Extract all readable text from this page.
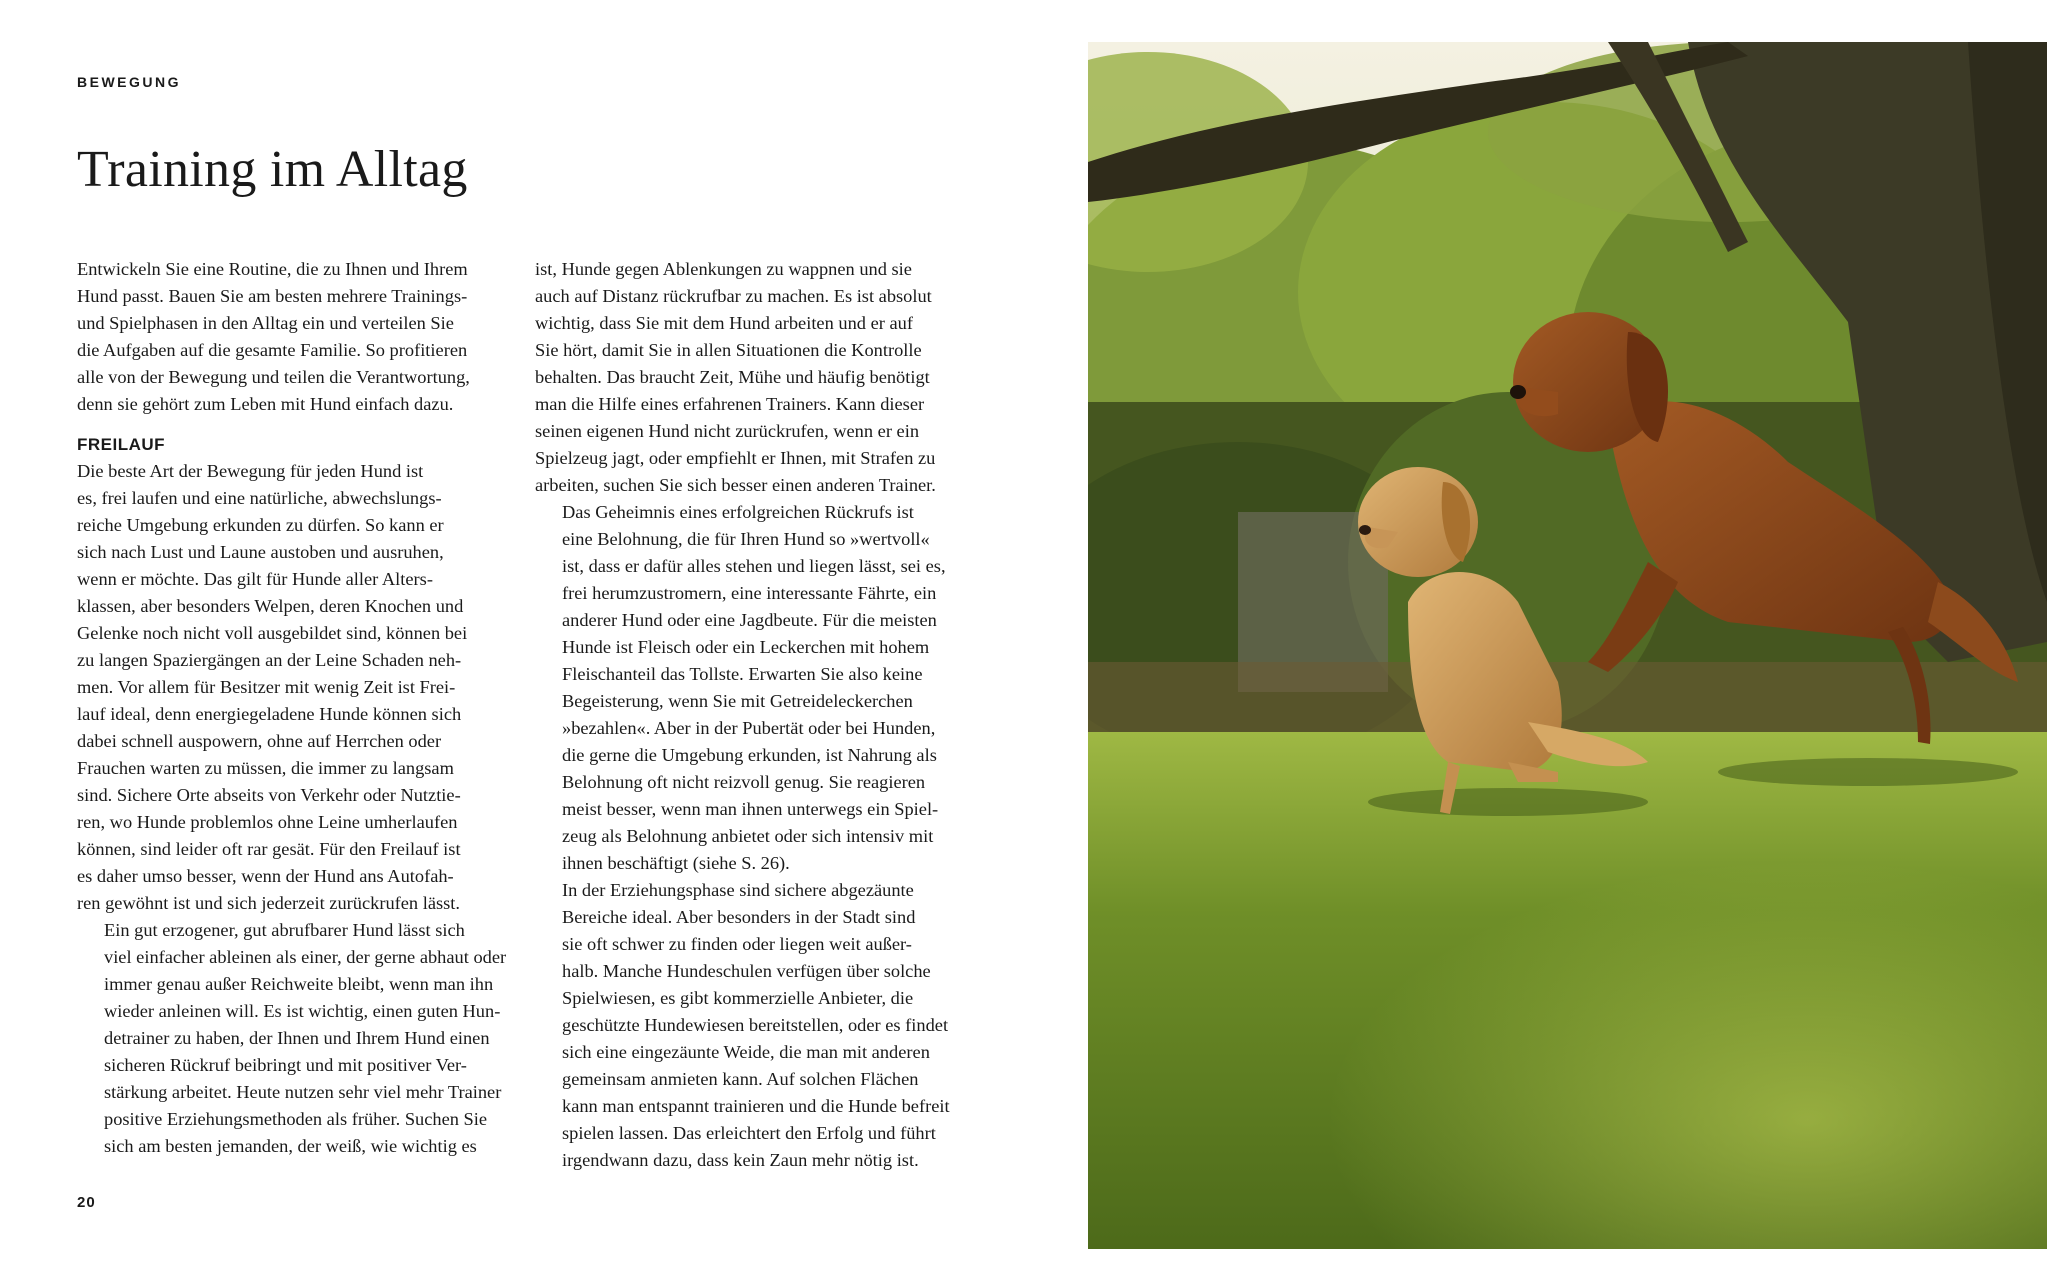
BEWEGUNG
Training im Alltag

Entwickeln Sie eine Routine, die zu Ihnen und Ihrem
Hund passt. Bauen Sie am besten mehrere Trainings-
und Spielphasen in den Alltag ein und verteilen Sie
die Aufgaben auf die gesamte Familie. So profitieren
alle von der Bewegung und teilen die Verantwortung,
denn sie gehört zum Leben mit Hund einfach dazu.

FREILAUF

Die beste Art der Bewegung für jeden Hund ist
es, frei laufen und eine natürliche, abwechslungs-
reiche Umgebung erkunden zu dürfen. So kann er
sich nach Lust und Laune austoben und ausruhen,
wenn er möchte. Das gilt für Hunde aller Alters-
klassen, aber besonders Welpen, deren Knochen und
Gelenke noch nicht voll ausgebildet sind, können bei
zu langen Spaziergängen an der Leine Schaden neh-
men. Vor allem für Besitzer mit wenig Zeit ist Frei-
lauf ideal, denn energiegeladene Hunde können sich
dabei schnell auspowern, ohne auf Herrchen oder
Frauchen warten zu müssen, die immer zu langsam
sind. Sichere Orte abseits von Verkehr oder Nutztie-
ren, wo Hunde problemlos ohne Leine umherlaufen
können, sind leider oft rar gesät. Für den Freilauf ist
es daher umso besser, wenn der Hund ans Autofah-
ren gewöhnt ist und sich jederzeit zurückrufen lässt.

Ein gut erzogener, gut abrufbarer Hund lässt sich
viel einfacher ableinen als einer, der gerne abhaut oder
immer genau außer Reichweite bleibt, wenn man ihn
wieder anleinen will. Es ist wichtig, einen guten Hun-
detrainer zu haben, der Ihnen und Ihrem Hund einen
sicheren Rückruf beibringt und mit positiver Ver-
stärkung arbeitet. Heute nutzen sehr viel mehr Trainer
positive Erziehungsmethoden als früher. Suchen Sie
sich am besten jemanden, der weiß, wie wichtig es

ist, Hunde gegen Ablenkungen zu wappnen und sie
auch auf Distanz rückrufbar zu machen. Es ist absolut
wichtig, dass Sie mit dem Hund arbeiten und er auf
Sie hört, damit Sie in allen Situationen die Kontrolle
behalten. Das braucht Zeit, Mühe und häufig benötigt
man die Hilfe eines erfahrenen Trainers. Kann dieser
seinen eigenen Hund nicht zurückrufen, wenn er ein
Spielzeug jagt, oder empfiehlt er Ihnen, mit Strafen zu
arbeiten, suchen Sie sich besser einen anderen Trainer.

Das Geheimnis eines erfolgreichen Rückrufs ist
eine Belohnung, die für Ihren Hund so »wertvoll«
ist, dass er dafür alles stehen und liegen lässt, sei es,
frei herumzustromern, eine interessante Fährte, ein
anderer Hund oder eine Jagdbeute. Für die meisten
Hunde ist Fleisch oder ein Leckerchen mit hohem
Fleischanteil das Tollste. Erwarten Sie also keine
Begeisterung, wenn Sie mit Getreideleckerchen
»bezahlen«. Aber in der Pubertät oder bei Hunden,
die gerne die Umgebung erkunden, ist Nahrung als
Belohnung oft nicht reizvoll genug. Sie reagieren
meist besser, wenn man ihnen unterwegs ein Spiel-
zeug als Belohnung anbietet oder sich intensiv mit
ihnen beschäftigt (siehe S. 26).

In der Erziehungsphase sind sichere abgezäunte
Bereiche ideal. Aber besonders in der Stadt sind
sie oft schwer zu finden oder liegen weit außer-
halb. Manche Hundeschulen verfügen über solche
Spielwiesen, es gibt kommerzielle Anbieter, die
geschützte Hundewiesen bereitstellen, oder es findet
sich eine eingezäunte Weide, die man mit anderen
gemeinsam anmieten kann. Auf solchen Flächen
kann man entspannt trainieren und die Hunde befreit
spielen lassen. Das erleichtert den Erfolg und führt
irgendwann dazu, dass kein Zaun mehr nötig ist.

20
